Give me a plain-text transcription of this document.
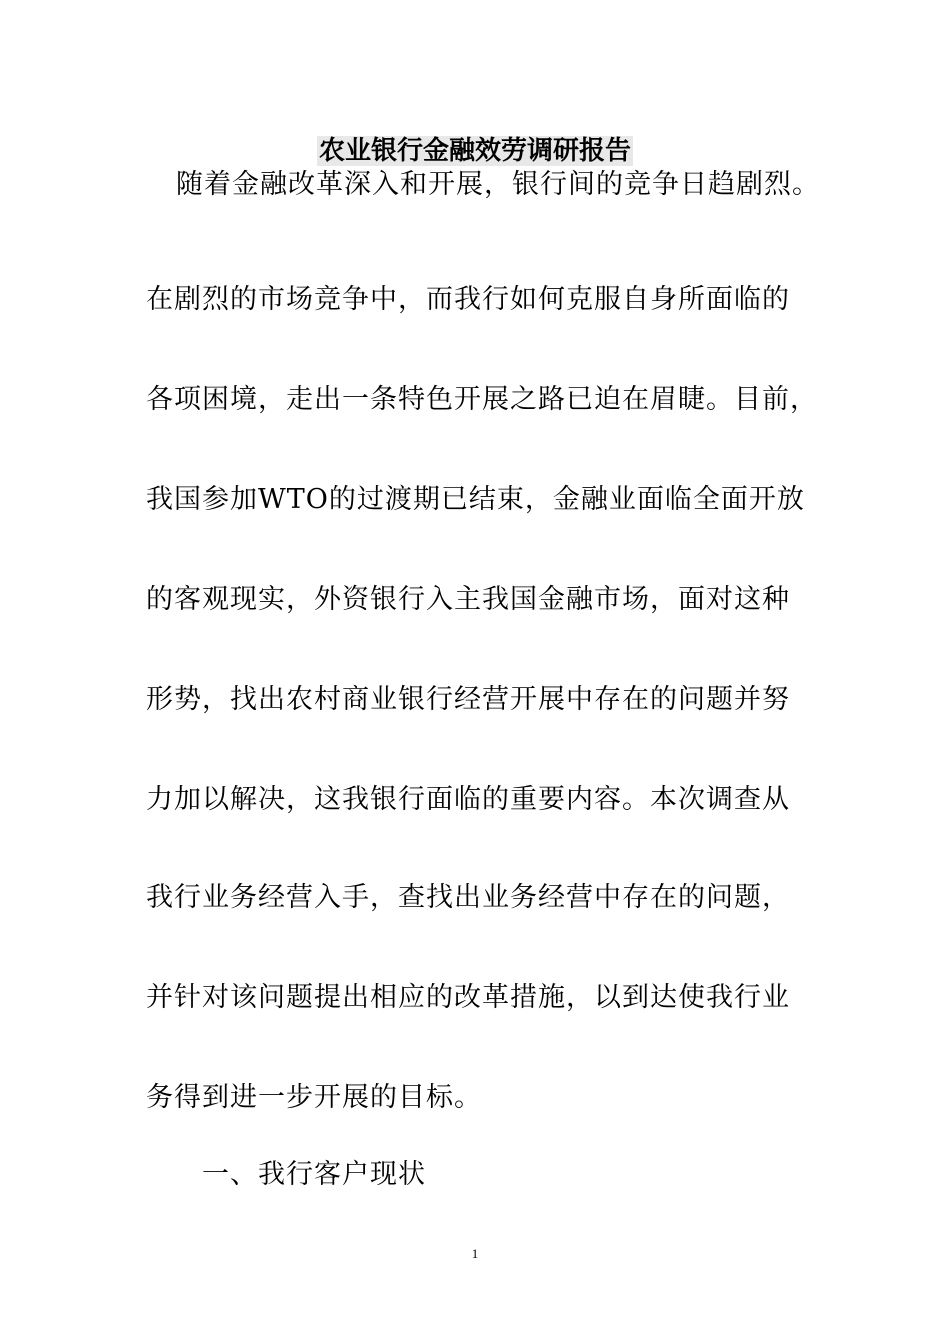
农业银行金融效劳调研报告
随着金融改革深入和开展，银行间的竞争日趋剧烈。
在剧烈的市场竞争中，而我行如何克服自身所面临的
各项困境，走出一条特色开展之路已迫在眉睫。目前，
我国参加WTO的过渡期已结束，金融业面临全面开放
的客观现实，外资银行入主我国金融市场，面对这种
形势，找出农村商业银行经营开展中存在的问题并努
力加以解决，这我银行面临的重要内容。本次调查从
我行业务经营入手，查找出业务经营中存在的问题，
并针对该问题提出相应的改革措施，以到达使我行业
务得到进一步开展的目标。
一、我行客户现状
1
